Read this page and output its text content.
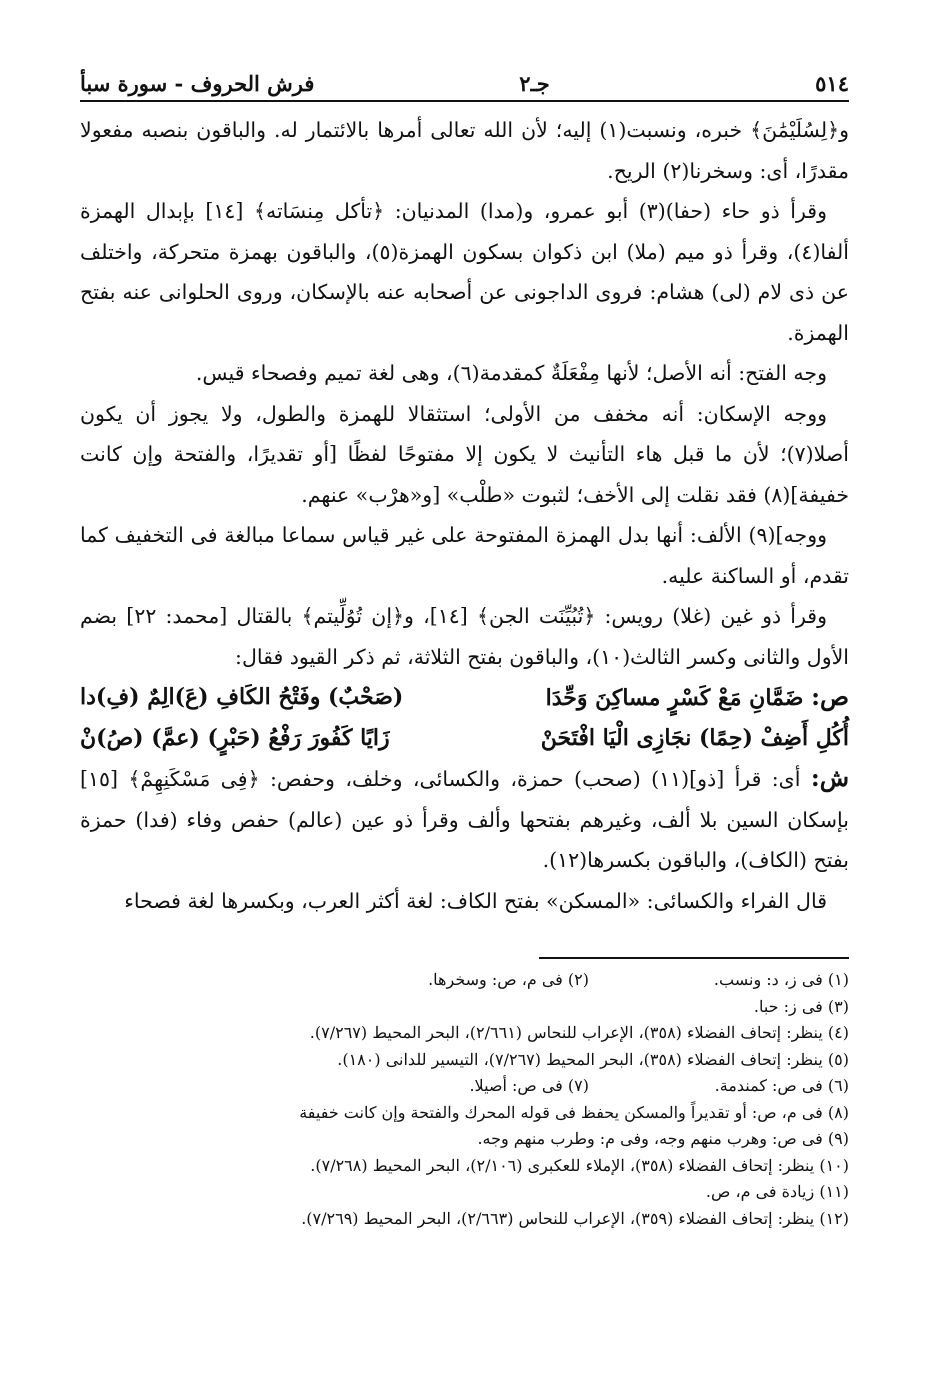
٥١٤
جـ٢
فرش الحروف - سورة سبأ

و﴿لِسُلَيْمَٰنَ﴾ خبره، ونسبت(١) إليه؛ لأن الله تعالى أمرها بالائتمار له. والباقون بنصبه مفعولا مقدرًا، أى: وسخرنا(٢) الريح.

وقرأ ذو حاء (حفا)(٣) أبو عمرو، و(مدا) المدنيان: ﴿تأكل مِنسَاته﴾ [١٤] بإبدال الهمزة ألفا(٤)، وقرأ ذو ميم (ملا) ابن ذكوان بسكون الهمزة(٥)، والباقون بهمزة متحركة، واختلف عن ذى لام (لى) هشام: فروى الداجونى عن أصحابه عنه بالإسكان، وروى الحلوانى عنه بفتح الهمزة.

وجه الفتح: أنه الأصل؛ لأنها مِفْعَلَةٌ كمقدمة(٦)، وهى لغة تميم وفصحاء قيس.

ووجه الإسكان: أنه مخفف من الأولى؛ استثقالا للهمزة والطول، ولا يجوز أن يكون أصلا(٧)؛ لأن ما قبل هاء التأنيث لا يكون إلا مفتوحًا لفظًا [أو تقديرًا، والفتحة وإن كانت خفيفة](٨) فقد نقلت إلى الأخف؛ لثبوت «طلْب» [و«هرْب» عنهم.

ووجه](٩) الألف: أنها بدل الهمزة المفتوحة على غير قياس سماعا مبالغة فى التخفيف كما تقدم، أو الساكنة عليه.

وقرأ ذو غين (غلا) رويس: ﴿تُبُيِّنَت الجن﴾ [١٤]، و﴿إن تُوُلِّيتم﴾ بالقتال [محمد: ٢٢] بضم الأول والثانى وكسر الثالث(١٠)، والباقون بفتح الثلاثة، ثم ذكر القيود فقال:

ص: ضَمَّانِ مَعْ كَسْرٍ مساكِنَ وَحِّدَا
(صَحْبٌ) وفَتْحُ الكَافِ (عَ)الِمٌ (فِ)دا
أُكُلِ أَضِفْ (حِمًا) نجَازِى الْيَا افْتَحَنْ
زَايًا كَفُورَ رَفْعُ (حَبْرٍ) (عمَّ) (صُ)نْ

ش: أى: قرأ [ذو](١١) (صحب) حمزة، والكسائى، وخلف، وحفص: ﴿فِى مَسْكَنِهِمْ﴾ [١٥] بإسكان السين بلا ألف، وغيرهم بفتحها وألف وقرأ ذو عين (عالم) حفص وفاء (فدا) حمزة بفتح (الكاف)، والباقون بكسرها(١٢).

قال الفراء والكسائى: «المسكن» بفتح الكاف: لغة أكثر العرب، وبكسرها لغة فصحاء

(١) فى ز، د: ونسب.
(٢) فى م، ص: وسخرها.
(٣) فى ز: حبا.
(٤) ينظر: إتحاف الفضلاء (٣٥٨)، الإعراب للنحاس (٢/٦٦١)، البحر المحيط (٧/٢٦٧).
(٥) ينظر: إتحاف الفضلاء (٣٥٨)، البحر المحيط (٧/٢٦٧)، التيسير للدانى (١٨٠).
(٦) فى ص: كمندمة.
(٧) فى ص: أصيلا.
(٨) فى م، ص: أو تقديراً والمسكن يحفظ فى قوله المحرك والفتحة وإن كانت خفيفة
(٩) فى ص: وهرب منهم وجه، وفى م: وطرب منهم وجه.
(١٠) ينظر: إتحاف الفضلاء (٣٥٨)، الإملاء للعكبرى (٢/١٠٦)، البحر المحيط (٧/٢٦٨).
(١١) زيادة فى م، ص.
(١٢) ينظر: إتحاف الفضلاء (٣٥٩)، الإعراب للنحاس (٢/٦٦٣)، البحر المحيط (٧/٢٦٩).
